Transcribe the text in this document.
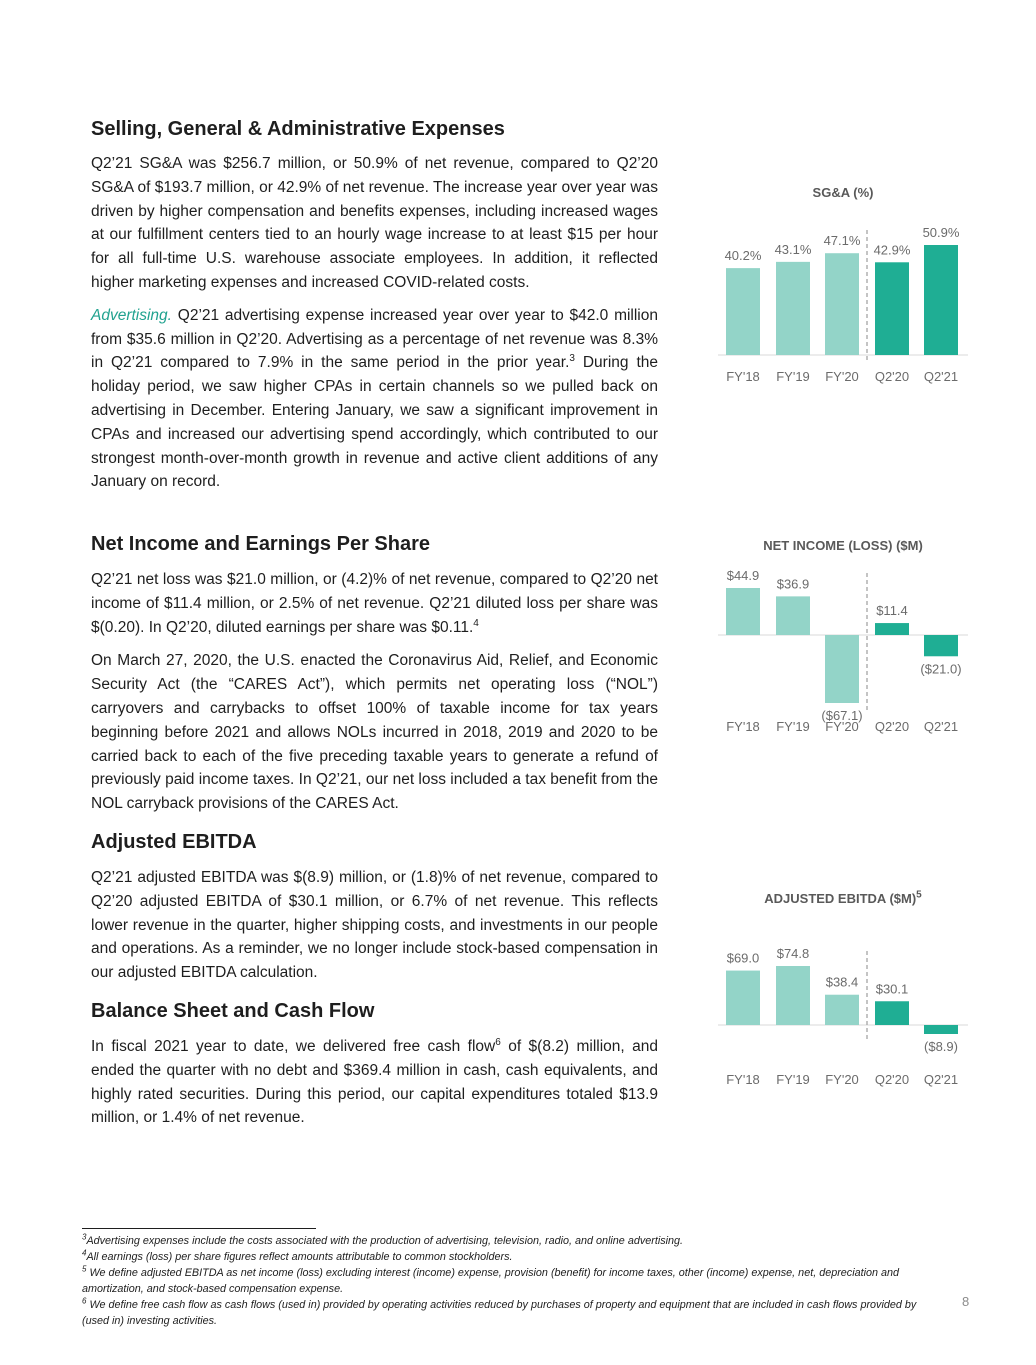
Selling, General & Administrative Expenses

Q2’21 SG&A was $256.7 million, or 50.9% of net revenue, compared to Q2’20 SG&A of $193.7 million, or 42.9% of net revenue. The increase year over year was driven by higher compensation and benefits expenses, including increased wages at our fulfillment centers tied to an hourly wage increase to at least $15 per hour for all full-time U.S. warehouse associate employees. In addition, it reflected higher marketing expenses and increased COVID-related costs.

Advertising. Q2’21 advertising expense increased year over year to $42.0 million from $35.6 million in Q2’20. Advertising as a percentage of net revenue was 8.3% in Q2’21 compared to 7.9% in the same period in the prior year.$^3$ During the holiday period, we saw higher CPAs in certain channels so we pulled back on advertising in December. Entering January, we saw a significant improvement in CPAs and increased our advertising spend accordingly, which contributed to our strongest month-over-month growth in revenue and active client additions of any January on record.

Net Income and Earnings Per Share

Q2’21 net loss was $21.0 million, or (4.2)% of net revenue, compared to Q2’20 net income of $11.4 million, or 2.5% of net revenue. Q2’21 diluted loss per share was $(0.20). In Q2’20, diluted earnings per share was $0.11.$^4$

On March 27, 2020, the U.S. enacted the Coronavirus Aid, Relief, and Economic Security Act (the “CARES Act”), which permits net operating loss (“NOL”) carryovers and carrybacks to offset 100% of taxable income for tax years beginning before 2021 and allows NOLs incurred in 2018, 2019 and 2020 to be carried back to each of the five preceding taxable years to generate a refund of previously paid income taxes. In Q2’21, our net loss included a tax benefit from the NOL carryback provisions of the CARES Act.

Adjusted EBITDA

Q2’21 adjusted EBITDA was $(8.9) million, or (1.8)% of net revenue, compared to Q2’20 adjusted EBITDA of $30.1 million, or 6.7% of net revenue. This reflects lower revenue in the quarter, higher shipping costs, and investments in our people and operations. As a reminder, we no longer include stock-based compensation in our adjusted EBITDA calculation.

Balance Sheet and Cash Flow

In fiscal 2021 year to date, we delivered free cash flow$^6$ of $(8.2) million, and ended the quarter with no debt and $369.4 million in cash, cash equivalents, and highly rated securities. During this period, our capital expenditures totaled $13.9 million, or 1.4% of net revenue.

SG&A (%)
40.2%
FY'18
43.1%
FY'19
47.1%
FY'20
42.9%
Q2'20
50.9%
Q2'21
NET INCOME (LOSS) ($M)
$44.9
FY'18
$36.9
FY'19
($67.1)
FY'20
$11.4
Q2'20
($21.0)
Q2'21
ADJUSTED EBITDA ($M)$^5$
$69.0
FY'18
$74.8
FY'19
$38.4
FY'20
$30.1
Q2'20
($8.9)
Q2'21
$^3$Advertising expenses include the costs associated with the production of advertising, television, radio, and online advertising.
$^4$All earnings (loss) per share figures reflect amounts attributable to common stockholders.
$^5$ We define adjusted EBITDA as net income (loss) excluding interest (income) expense, provision (benefit) for income taxes, other (income) expense, net, depreciation and amortization, and stock-based compensation expense.
$^6$ We define free cash flow as cash flows (used in) provided by operating activities reduced by purchases of property and equipment that are included in cash flows provided by (used in) investing activities.
8
